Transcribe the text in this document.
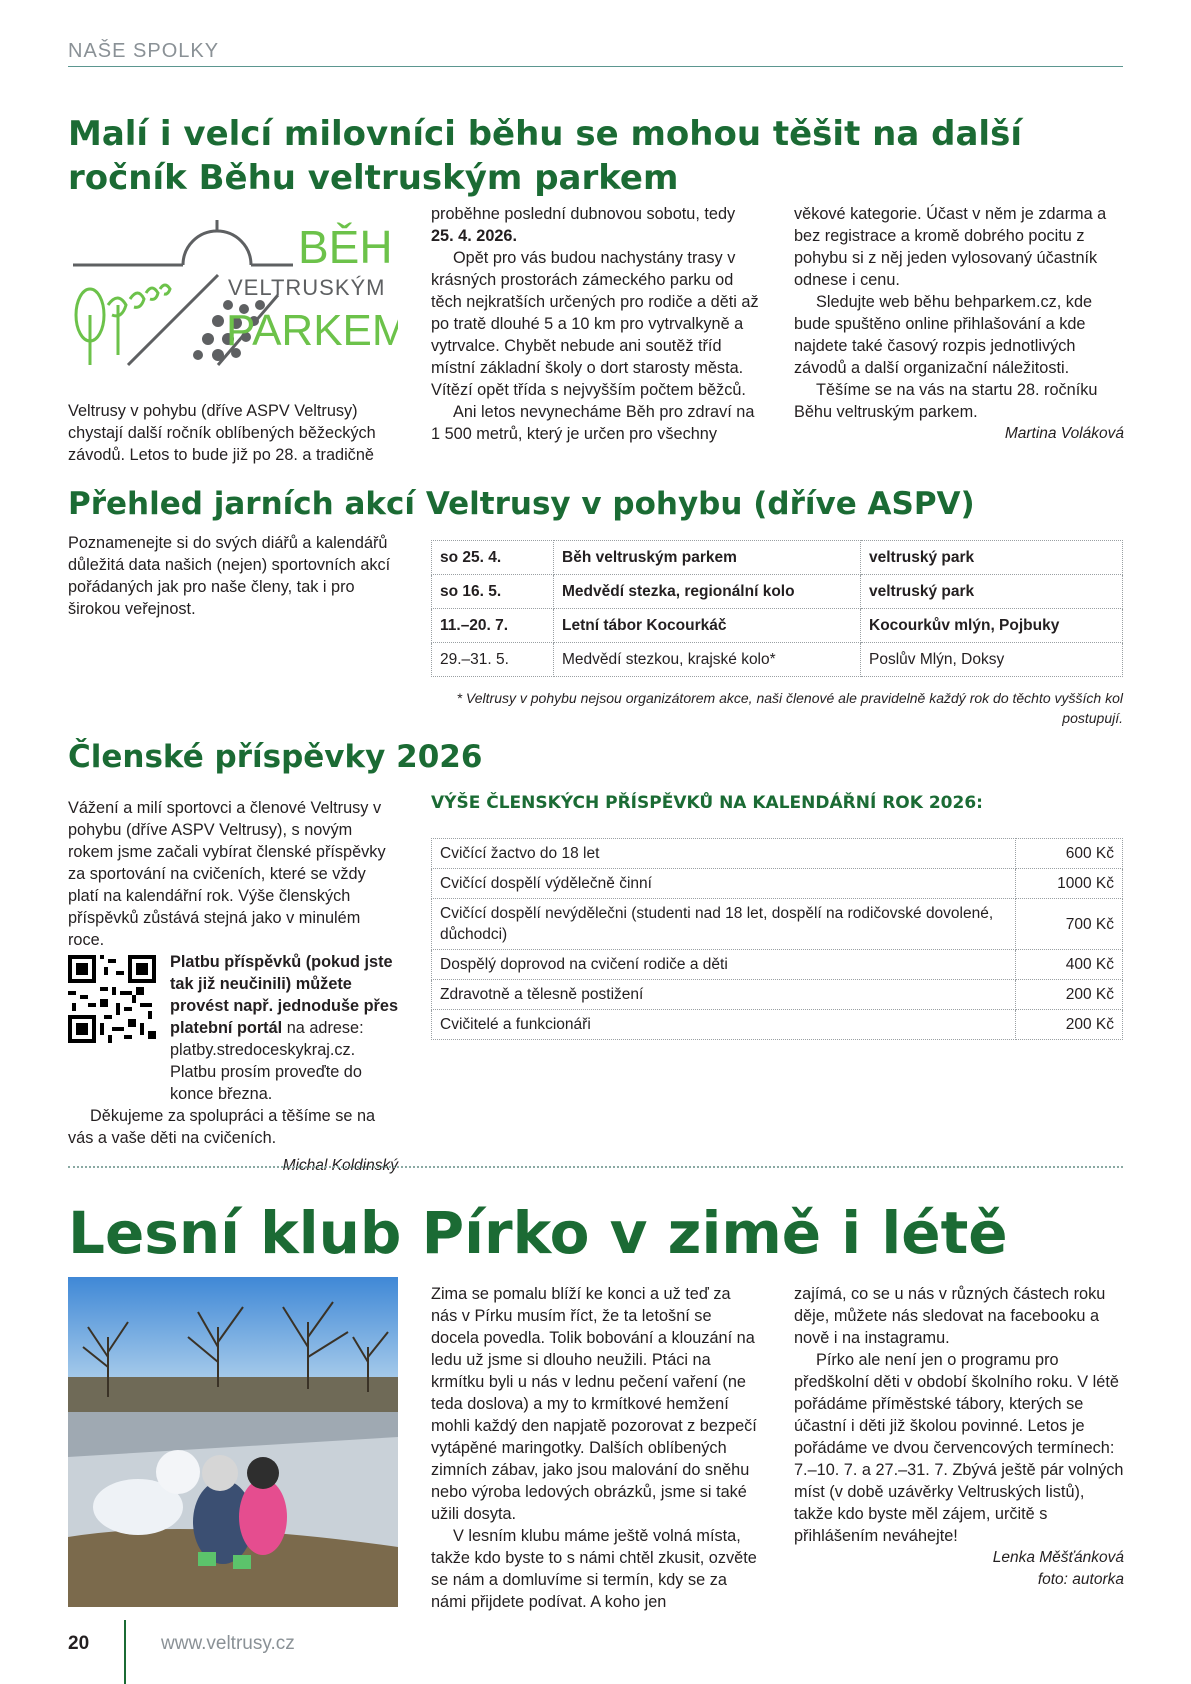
NAŠE SPOLKY
Malí i velcí milovníci běhu se mohou těšit na další ročník Běhu veltruským parkem
BĚH
VELTRUSKÝM
PARKEM
Veltrusy v pohybu (dříve ASPV Veltrusy) chystají další ročník oblíbených běžeckých závodů. Letos to bude již po 28. a tradičně

proběhne poslední dubnovou sobotu, tedy
25. 4. 2026.

Opět pro vás budou nachystány trasy v krásných prostorách zámeckého parku od těch nejkratších určených pro rodiče a děti až po tratě dlouhé 5 a 10 km pro vytrvalkyně a vytrvalce. Chybět nebude ani soutěž tříd místní základní školy o dort starosty města. Vítězí opět třída s nejvyšším počtem běžců.

Ani letos nevynecháme Běh pro zdraví na 1 500 metrů, který je určen pro všechny

věkové kategorie. Účast v něm je zdarma a bez registrace a kromě dobrého pocitu z pohybu si z něj jeden vylosovaný účastník odnese i cenu.

Sledujte web běhu behparkem.cz, kde bude spuštěno online přihlašování a kde najdete také časový rozpis jednotlivých závodů a další organizační náležitosti.

Těšíme se na vás na startu 28. ročníku Běhu veltruským parkem.

Martina Voláková

Přehled jarních akcí Veltrusy v pohybu (dříve ASPV)
Poznamenejte si do svých diářů a kalendářů důležitá data našich (nejen) sportovních akcí pořádaných jak pro naše členy, tak i pro širokou veřejnost.
so 25. 4.	Běh veltruským parkem	veltruský park
so 16. 5.	Medvědí stezka, regionální kolo	veltruský park
11.–20. 7.	Letní tábor Kocourkáč	Kocourkův mlýn, Pojbuky
29.–31. 5.	Medvědí stezkou, krajské kolo*	Poslův Mlýn, Doksy
* Veltrusy v pohybu nejsou organizátorem akce, naši členové ale pravidelně každý rok do těchto vyšších kol postupují.
Členské příspěvky 2026

Vážení a milí sportovci a členové Veltrusy v pohybu (dříve ASPV Veltrusy), s novým rokem jsme začali vybírat členské příspěvky za sportování na cvičeních, které se vždy platí na kalendářní rok. Výše členských příspěvků zůstává stejná jako v minulém roce.

Platbu příspěvků (pokud jste tak již neučinili) můžete provést např. jednoduše přes platební portál na adrese: platby.stredoceskykraj.cz. Platbu prosím proveďte do konce března.

Děkujeme za spolupráci a těšíme se na vás a vaše děti na cvičeních.

Michal Koldinský

VÝŠE ČLENSKÝCH PŘÍSPĚVKŮ NA KALENDÁŘNÍ ROK 2026:
Cvičící žactvo do 18 let	600 Kč
Cvičící dospělí výdělečně činní	1000 Kč
Cvičící dospělí nevýdělečni (studenti nad 18 let, dospělí na rodičovské dovolené, důchodci)	700 Kč
Dospělý doprovod na cvičení rodiče a děti	400 Kč
Zdravotně a tělesně postižení	200 Kč
Cvičitelé a funkcionáři	200 Kč
Lesní klub Pírko v zimě i létě

Zima se pomalu blíží ke konci a už teď za nás v Pírku musím říct, že ta letošní se docela povedla. Tolik bobování a klouzání na ledu už jsme si dlouho neužili. Ptáci na krmítku byli u nás v lednu pečení vaření (ne teda doslova) a my to krmítkové hemžení mohli každý den napjatě pozorovat z bezpečí vytápěné maringotky. Dalších oblíbených zimních zábav, jako jsou malování do sněhu nebo výroba ledových obrázků, jsme si také užili dosyta.

V lesním klubu máme ještě volná místa, takže kdo byste to s námi chtěl zkusit, ozvěte se nám a domluvíme si termín, kdy se za námi přijdete podívat. A koho jen

zajímá, co se u nás v různých částech roku děje, můžete nás sledovat na facebooku a nově i na instagramu.

Pírko ale není jen o programu pro předškolní děti v období školního roku. V létě pořádáme příměstské tábory, kterých se účastní i děti již školou povinné. Letos je pořádáme ve dvou červencových termínech: 7.–10. 7. a 27.–31. 7. Zbývá ještě pár volných míst (v době uzávěrky Veltruských listů), takže kdo byste měl zájem, určitě s přihlášením neváhejte!

Lenka Měšťánková

foto: autorka

20	www.veltrusy.cz
